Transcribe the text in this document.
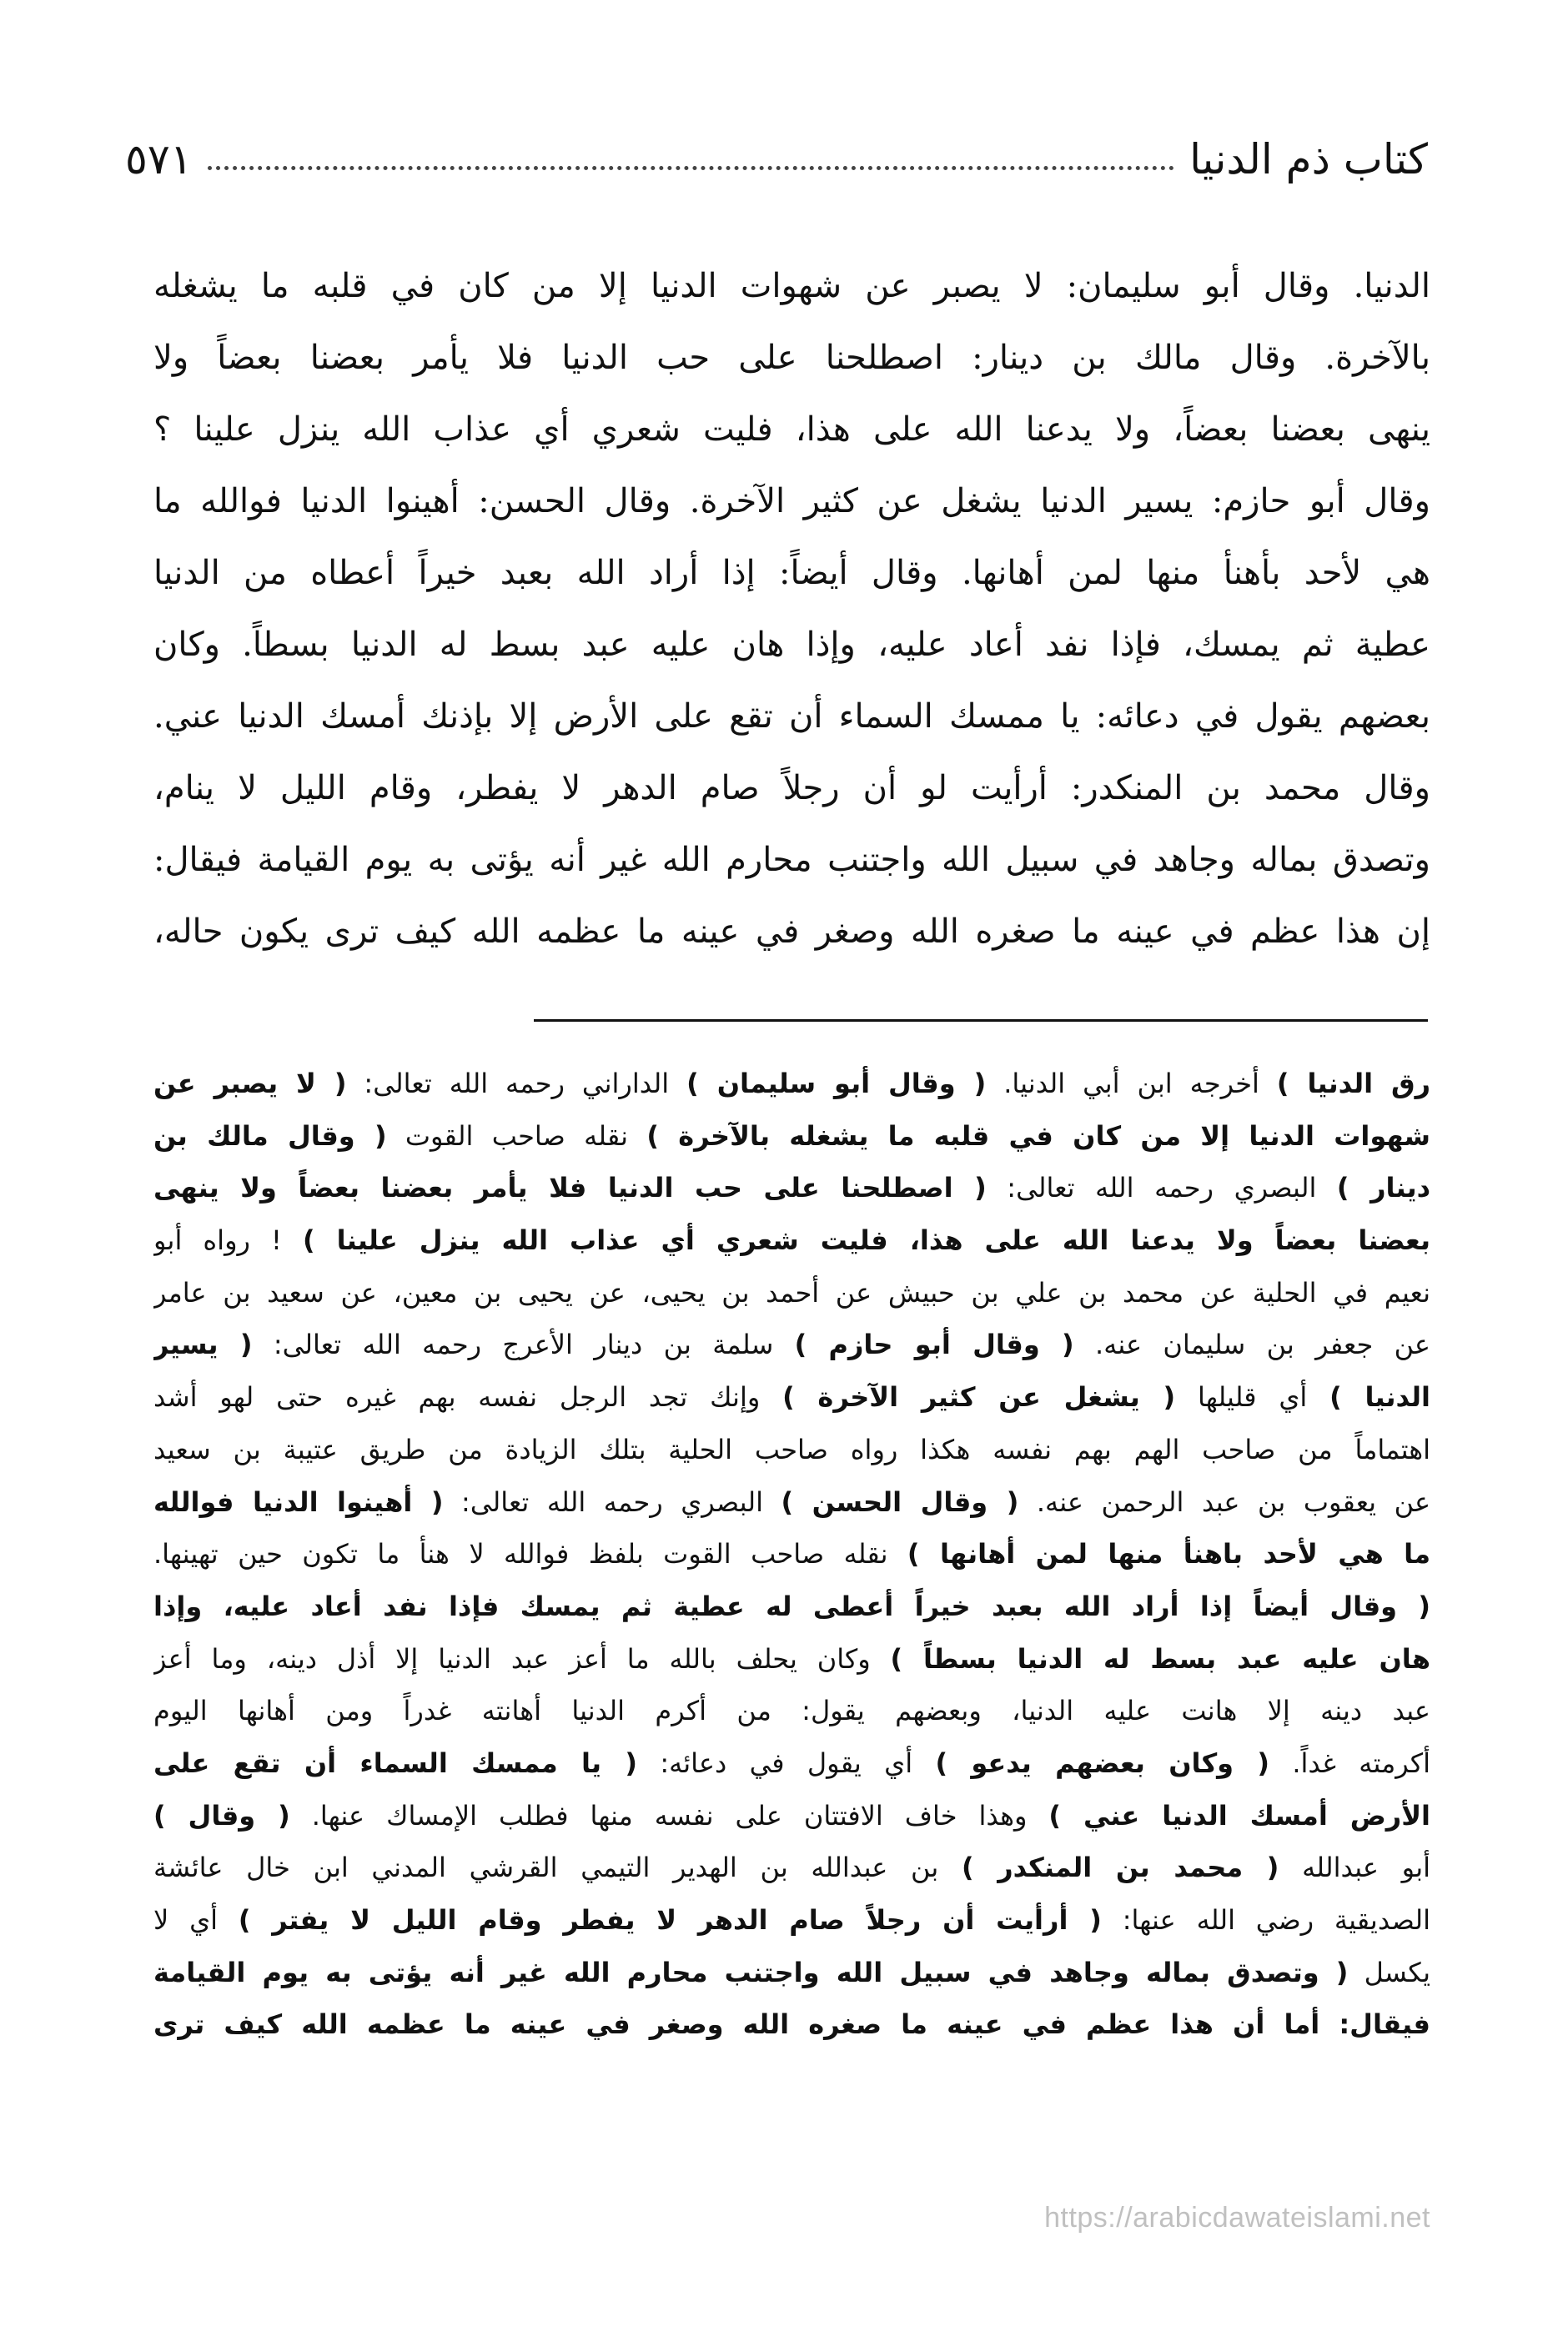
كتاب ذم الدنيا
٥٧١
الدنيا. وقال أبو سليمان: لا يصبر عن شهوات الدنيا إلا من كان في قلبه ما يشغله
بالآخرة. وقال مالك بن دينار: اصطلحنا على حب الدنيا فلا يأمر بعضنا بعضاً ولا
ينهى بعضنا بعضاً، ولا يدعنا الله على هذا، فليت شعري أي عذاب الله ينزل علينا ؟
وقال أبو حازم: يسير الدنيا يشغل عن كثير الآخرة. وقال الحسن: أهينوا الدنيا فوالله ما
هي لأحد بأهنأ منها لمن أهانها. وقال أيضاً: إذا أراد الله بعبد خيراً أعطاه من الدنيا
عطية ثم يمسك، فإذا نفد أعاد عليه، وإذا هان عليه عبد بسط له الدنيا بسطاً. وكان
بعضهم يقول في دعائه: يا ممسك السماء أن تقع على الأرض إلا بإذنك أمسك الدنيا عني.
وقال محمد بن المنكدر: أرأيت لو أن رجلاً صام الدهر لا يفطر، وقام الليل لا ينام،
وتصدق بماله وجاهد في سبيل الله واجتنب محارم الله غير أنه يؤتى به يوم القيامة فيقال:
إن هذا عظم في عينه ما صغره الله وصغر في عينه ما عظمه الله كيف ترى يكون حاله،
رق الدنيا ) أخرجه ابن أبي الدنيا. ( وقال أبو سليمان ) الداراني رحمه الله تعالى: ( لا يصبر عن
شهوات الدنيا إلا من كان في قلبه ما يشغله بالآخرة ) نقله صاحب القوت ( وقال مالك بن
دينار ) البصري رحمه الله تعالى: ( اصطلحنا على حب الدنيا فلا يأمر بعضنا بعضاً ولا ينهى
بعضنا بعضاً ولا يدعنا الله على هذا، فليت شعري أي عذاب الله ينزل علينا ) ! رواه أبو
نعيم في الحلية عن محمد بن علي بن حبيش عن أحمد بن يحيى، عن يحيى بن معين، عن سعيد بن عامر
عن جعفر بن سليمان عنه. ( وقال أبو حازم ) سلمة بن دينار الأعرج رحمه الله تعالى: ( يسير
الدنيا ) أي قليلها ( يشغل عن كثير الآخرة ) وإنك تجد الرجل نفسه بهم غيره حتى لهو أشد
اهتماماً من صاحب الهم بهم نفسه هكذا رواه صاحب الحلية بتلك الزيادة من طريق عتيبة بن سعيد
عن يعقوب بن عبد الرحمن عنه. ( وقال الحسن ) البصري رحمه الله تعالى: ( أهينوا الدنيا فوالله
ما هي لأحد باهنأ منها لمن أهانها ) نقله صاحب القوت بلفظ فوالله لا هنأ ما تكون حين تهينها.
( وقال أيضاً إذا أراد الله بعبد خيراً أعطى له عطية ثم يمسك فإذا نفد أعاد عليه، وإذا
هان عليه عبد بسط له الدنيا بسطاً ) وكان يحلف بالله ما أعز عبد الدنيا إلا أذل دينه، وما أعز
عبد دينه إلا هانت عليه الدنيا، وبعضهم يقول: من أكرم الدنيا أهانته غدراً ومن أهانها اليوم
أكرمته غداً. ( وكان بعضهم يدعو ) أي يقول في دعائه: ( يا ممسك السماء أن تقع على
الأرض أمسك الدنيا عني ) وهذا خاف الافتتان على نفسه منها فطلب الإمساك عنها. ( وقال )
أبو عبدالله ( محمد بن المنكدر ) بن عبدالله بن الهدير التيمي القرشي المدني ابن خال عائشة
الصديقية رضي الله عنها: ( أرأيت أن رجلاً صام الدهر لا يفطر وقام الليل لا يفتر ) أي لا
يكسل ( وتصدق بماله وجاهد في سبيل الله واجتنب محارم الله غير أنه يؤتى به يوم القيامة
فيقال: أما أن هذا عظم في عينه ما صغره الله وصغر في عينه ما عظمه الله كيف ترى
https://arabicdawateislami.net
